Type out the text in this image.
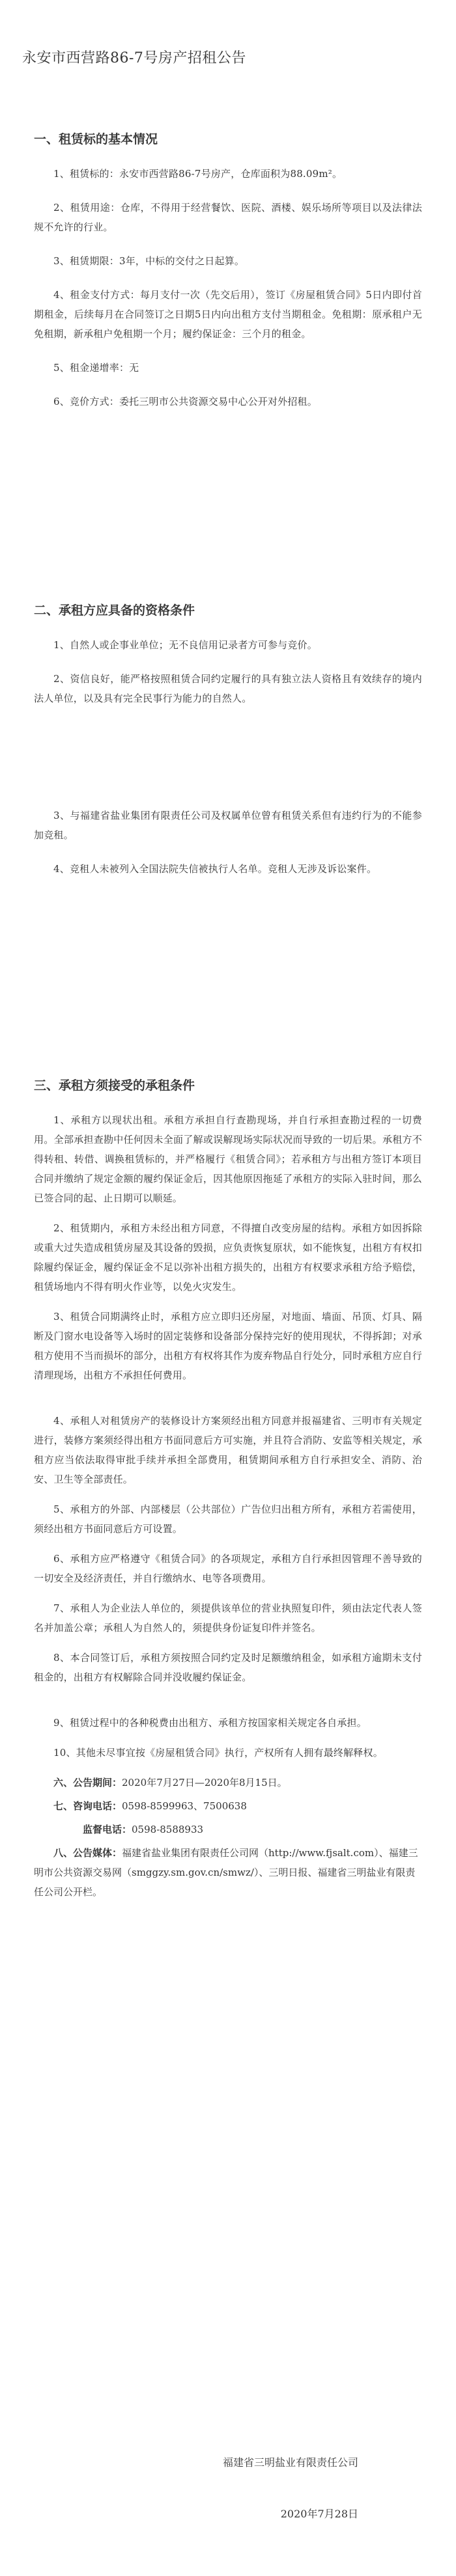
永安市西营路86-7号房产招租公告
一、租赁标的基本情况
1、租赁标的：永安市西营路86-7号房产，仓库面积为88.09m²。
2、租赁用途：仓库，不得用于经营餐饮、医院、酒楼、娱乐场所等项目以及法律法规不允许的行业。
3、租赁期限：3年，中标的交付之日起算。
4、租金支付方式：每月支付一次（先交后用），签订《房屋租赁合同》5日内即付首期租金，后续每月在合同签订之日期5日内向出租方支付当期租金。免租期：原承租户无免租期，新承租户免租期一个月；履约保证金：三个月的租金。
5、租金递增率：无
6、竞价方式：委托三明市公共资源交易中心公开对外招租。
二、承租方应具备的资格条件
1、自然人或企事业单位；无不良信用记录者方可参与竞价。
2、资信良好，能严格按照租赁合同约定履行的具有独立法人资格且有效续存的境内法人单位，以及具有完全民事行为能力的自然人。
3、与福建省盐业集团有限责任公司及权属单位曾有租赁关系但有违约行为的不能参加竞租。
4、竞租人未被列入全国法院失信被执行人名单。竞租人无涉及诉讼案件。
三、承租方须接受的承租条件
1、承租方以现状出租。承租方承担自行查勘现场，并自行承担查勘过程的一切费用。全部承担查勘中任何因未全面了解或误解现场实际状况而导致的一切后果。承租方不得转租、转借、调换租赁标的，并严格履行《租赁合同》；若承租方与出租方签订本项目合同并缴纳了规定金额的履约保证金后，因其他原因拖延了承租方的实际入驻时间，那么已签合同的起、止日期可以顺延。
2、租赁期内，承租方未经出租方同意，不得擅自改变房屋的结构。承租方如因拆除或重大过失造成租赁房屋及其设备的毁损，应负责恢复原状，如不能恢复，出租方有权扣除履约保证金，履约保证金不足以弥补出租方损失的，出租方有权要求承租方给予赔偿，租赁场地内不得有明火作业等，以免火灾发生。
3、租赁合同期满终止时，承租方应立即归还房屋，对地面、墙面、吊顶、灯具、隔断及门窗水电设备等入场时的固定装修和设备部分保持完好的使用现状，不得拆卸；对承租方使用不当而损坏的部分，出租方有权将其作为废弃物品自行处分，同时承租方应自行清理现场，出租方不承担任何费用。
4、承租人对租赁房产的装修设计方案须经出租方同意并报福建省、三明市有关规定进行，装修方案须经得出租方书面同意后方可实施，并且符合消防、安监等相关规定，承租方应当依法取得审批手续并承担全部费用，租赁期间承租方自行承担安全、消防、治安、卫生等全部责任。
5、承租方的外部、内部楼层（公共部位）广告位归出租方所有，承租方若需使用，须经出租方书面同意后方可设置。
6、承租方应严格遵守《租赁合同》的各项规定，承租方自行承担因管理不善导致的一切安全及经济责任，并自行缴纳水、电等各项费用。
7、承租人为企业法人单位的，须提供该单位的营业执照复印件，须由法定代表人签名并加盖公章；承租人为自然人的，须提供身份证复印件并签名。
8、本合同签订后，承租方须按照合同约定及时足额缴纳租金，如承租方逾期未支付租金的，出租方有权解除合同并没收履约保证金。
9、租赁过程中的各种税费由出租方、承租方按国家相关规定各自承担。
10、其他未尽事宜按《房屋租赁合同》执行，产权所有人拥有最终解释权。
六、公告期间：2020年7月27日—2020年8月15日。
七、咨询电话：0598-8599963、7500638
监督电话：0598-8588933
八、公告媒体：福建省盐业集团有限责任公司网（http://www.fjsalt.com）、福建三明市公共资源交易网（smggzy.sm.gov.cn/smwz/）、三明日报、福建省三明盐业有限责任公司公开栏。
福建省三明盐业有限责任公司
2020年7月28日
